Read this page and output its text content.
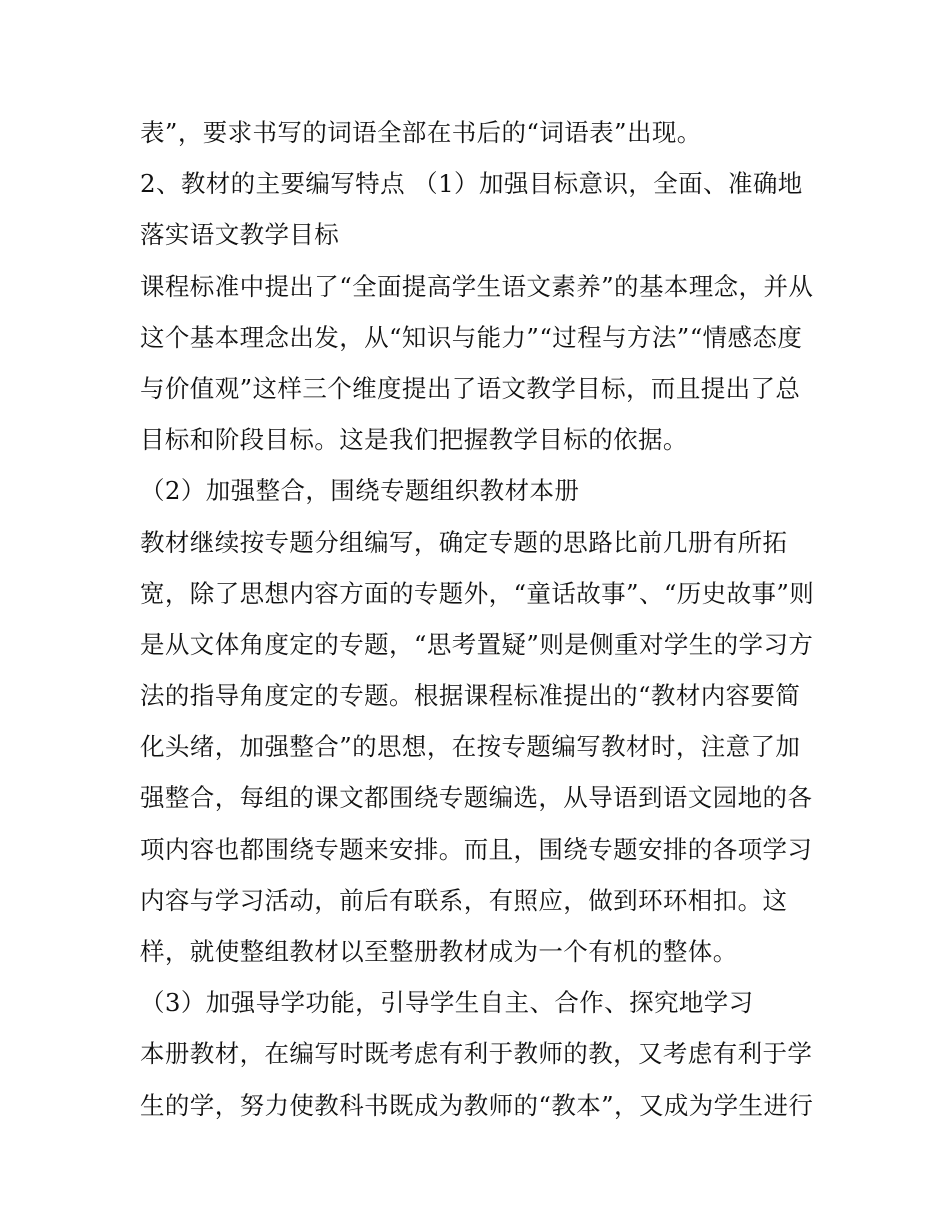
表”，要求书写的词语全部在书后的“词语表”出现。
2、教材的主要编写特点 （1）加强目标意识，全面、准确地
落实语文教学目标
课程标准中提出了“全面提高学生语文素养”的基本理念，并从
这个基本理念出发，从“知识与能力”“过程与方法”“情感态度
与价值观”这样三个维度提出了语文教学目标，而且提出了总
目标和阶段目标。这是我们把握教学目标的依据。
（2）加强整合，围绕专题组织教材本册
教材继续按专题分组编写，确定专题的思路比前几册有所拓
宽，除了思想内容方面的专题外，“童话故事”、“历史故事”则
是从文体角度定的专题，“思考置疑”则是侧重对学生的学习方
法的指导角度定的专题。根据课程标准提出的“教材内容要简
化头绪，加强整合”的思想，在按专题编写教材时，注意了加
强整合，每组的课文都围绕专题编选，从导语到语文园地的各
项内容也都围绕专题来安排。而且，围绕专题安排的各项学习
内容与学习活动，前后有联系，有照应，做到环环相扣。这
样，就使整组教材以至整册教材成为一个有机的整体。
（3）加强导学功能，引导学生自主、合作、探究地学习
本册教材，在编写时既考虑有利于教师的教，又考虑有利于学
生的学，努力使教科书既成为教师的“教本”，又成为学生进行
